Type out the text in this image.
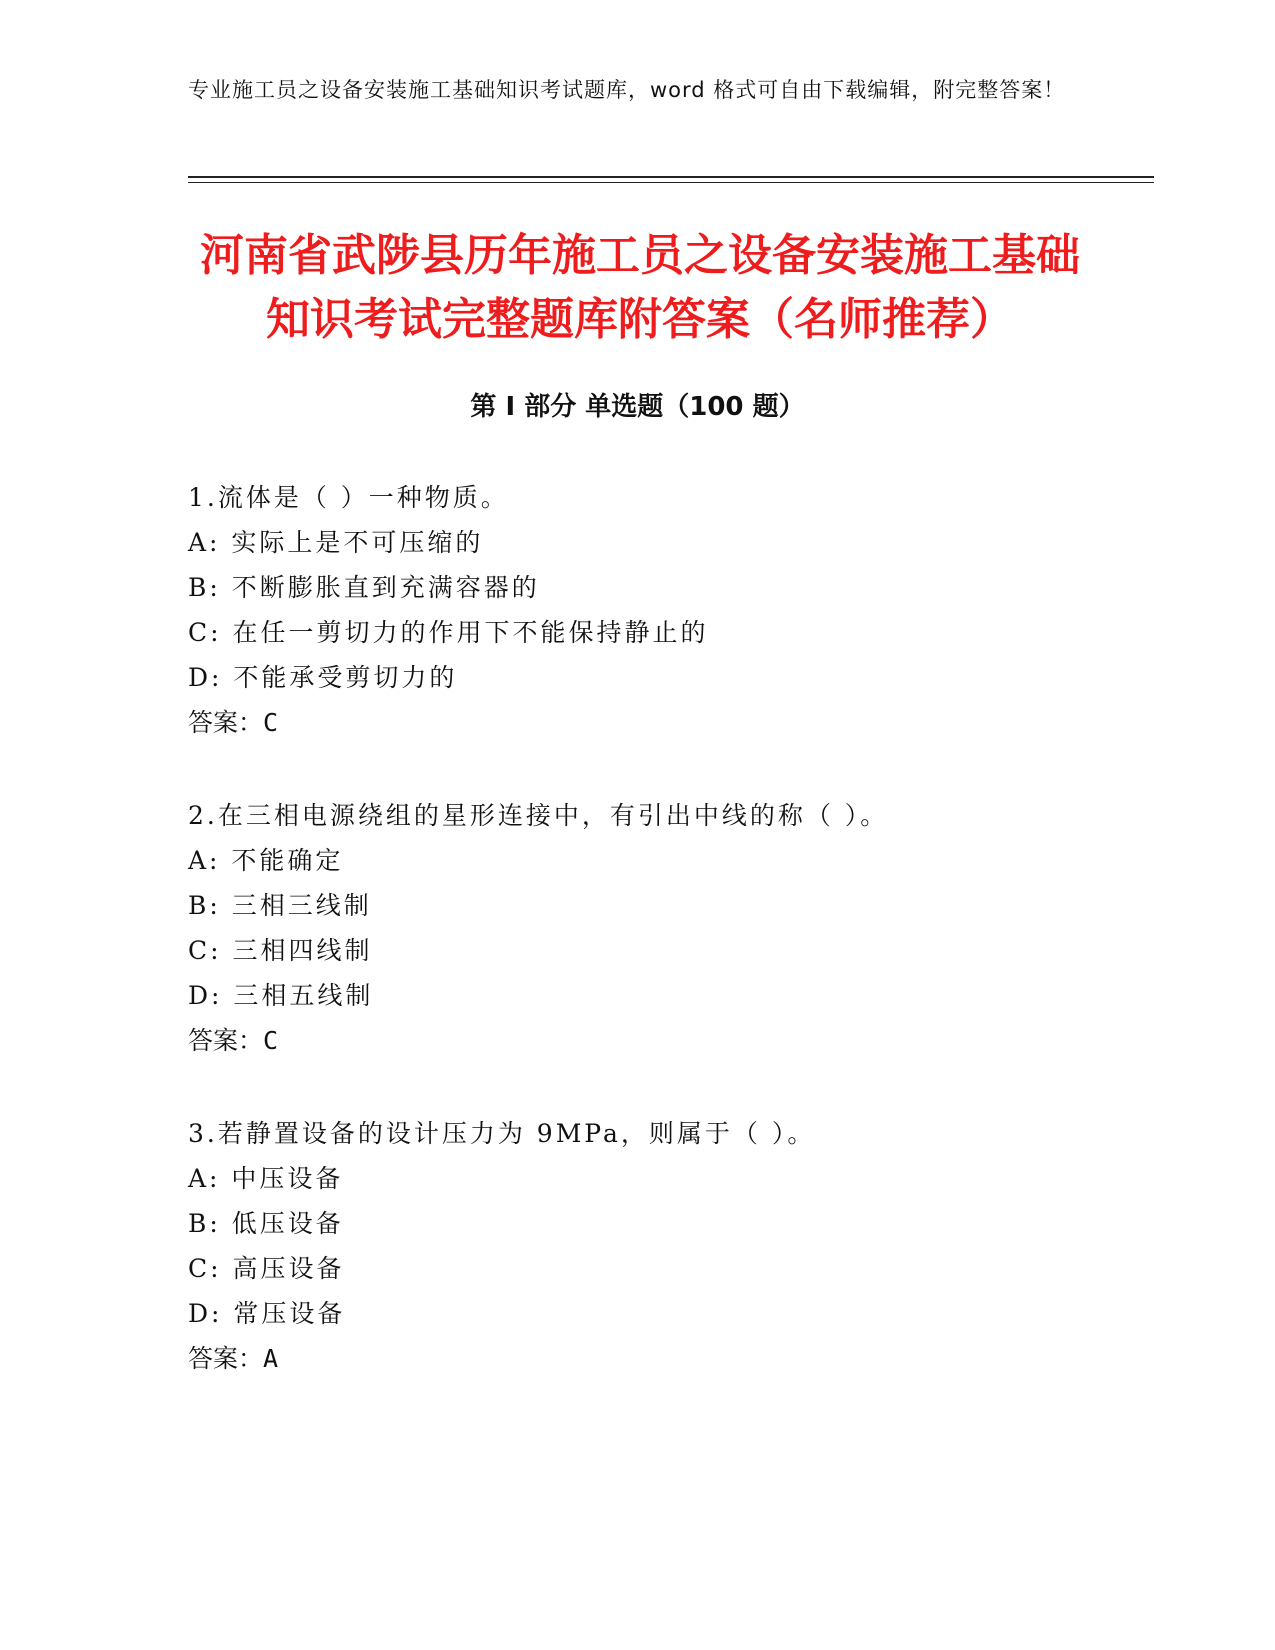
专业施工员之设备安装施工基础知识考试题库，word 格式可自由下载编辑，附完整答案！
河南省武陟县历年施工员之设备安装施工基础知识考试完整题库附答案（名师推荐）
第 I 部分 单选题（100 题）
1.流体是（ ）一种物质。
A: 实际上是不可压缩的
B: 不断膨胀直到充满容器的
C: 在任一剪切力的作用下不能保持静止的
D: 不能承受剪切力的
答案：C
2.在三相电源绕组的星形连接中，有引出中线的称（ ）。
A: 不能确定
B: 三相三线制
C: 三相四线制
D: 三相五线制
答案：C
3.若静置设备的设计压力为 9MPa，则属于（ ）。
A: 中压设备
B: 低压设备
C: 高压设备
D: 常压设备
答案：A
